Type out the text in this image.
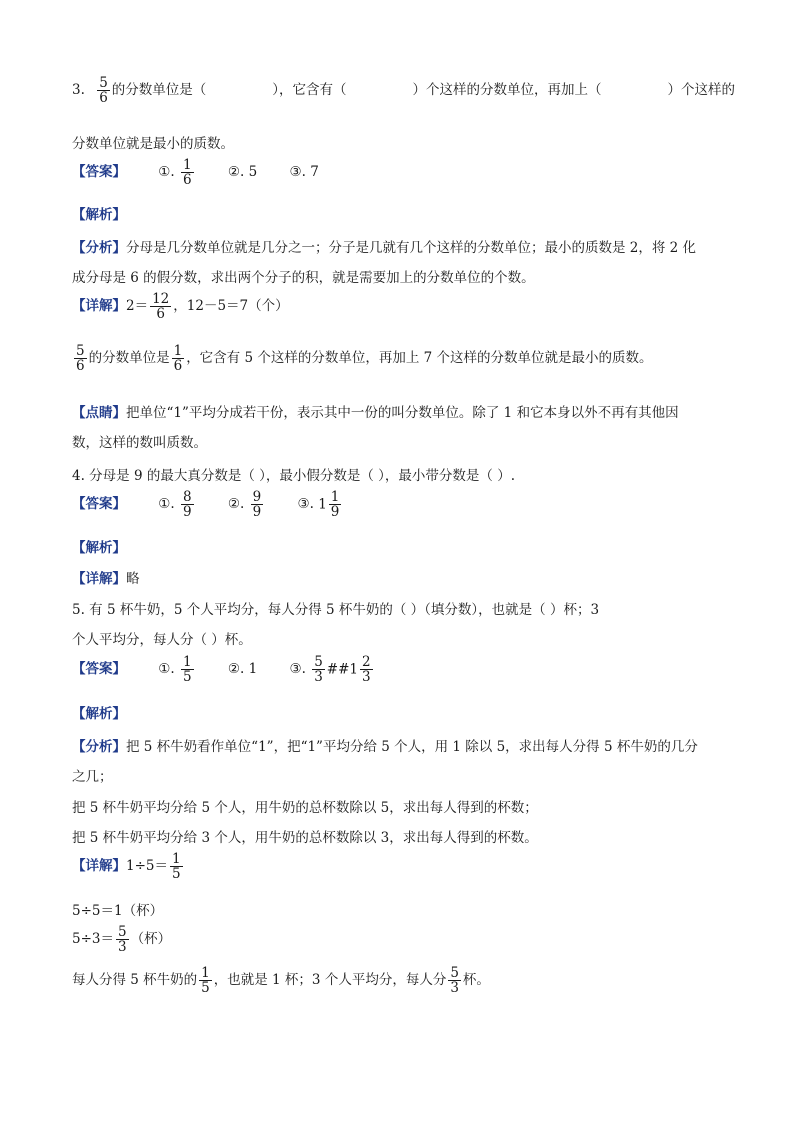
3. $\frac{5}{6}$ 的分数单位是（	），它含有（	）个这样的分数单位，再加上（	）个这样的
分数单位就是最小的质数。
【答案】 ①. $\frac{1}{6}$	②. 5 ③. 7
【解析】
【分析】分母是几分数单位就是几分之一；分子是几就有几个这样的分数单位；最小的质数是 2，将 2 化
成分母是 6 的假分数，求出两个分子的积，就是需要加上的分数单位的个数。
【详解】$2= \frac{12}{6}$ ，12－5＝7（个）
$\frac{5}{6}$ 的分数单位是 $\frac{1}{6}$ ，它含有 5 个这样的分数单位，再加上 7 个这样的分数单位就是最小的质数。
【点睛】把单位“1”平均分成若干份，表示其中一份的叫分数单位。除了 1 和它本身以外不再有其他因
数，这样的数叫质数。
4. 分母是 9 的最大真分数是（ ），最小假分数是（ ），最小带分数是（ ）.
【答案】 ①. $\frac{8}{9}$	②. $\frac{9}{9}$	③. $1 \frac{1}{9}$
【解析】
【详解】略
5. 有 5 杯牛奶，5 个人平均分，每人分得 5 杯牛奶的（ ）（填分数），也就是（ ）杯；3
个人平均分，每人分（ ）杯。
【答案】 ①. $\frac{1}{5}$	②. 1 ③. $\frac{5}{3}$ ##1 $\frac{2}{3}$
【解析】
【分析】把 5 杯牛奶看作单位“1”，把“1”平均分给 5 个人，用 1 除以 5，求出每人分得 5 杯牛奶的几分
之几；
把 5 杯牛奶平均分给 5 个人，用牛奶的总杯数除以 5，求出每人得到的杯数；
把 5 杯牛奶平均分给 3 个人，用牛奶的总杯数除以 3，求出每人得到的杯数。
【详解】$1\div 5= \frac{1}{5}$
5÷5＝1（杯）
$5\div 3= \frac{5}{3}$ （杯）
每人分得 5 杯牛奶的 $\frac{1}{5}$ ，也就是 1 杯；3 个人平均分，每人分 $\frac{5}{3}$ 杯。
